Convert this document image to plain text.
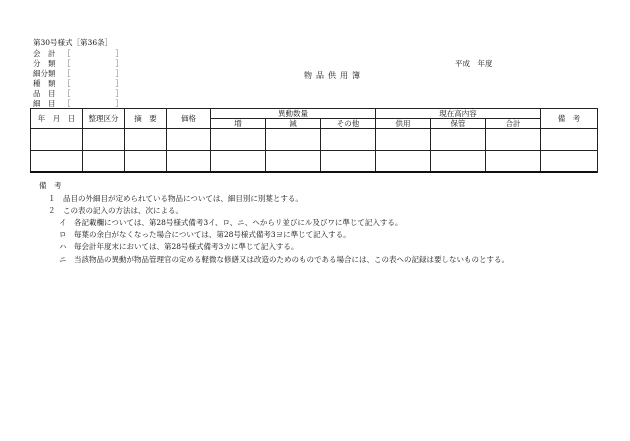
第30号様式［第36条］
会　計 ［　　　　　　］
分　類 ［　　　　　　］
細分類 ［　　　　　　］
種　類 ［　　　　　　］
品　目 ［　　　　　　］
細　目 ［　　　　　　］
平成　年度
物品供用簿
年　月　日	整理区分	摘　要	価格	異動数量			現在高内容			備　考
				増	減	その他	供用	保管	合計	

備　考
１　品目の外細目が定められている物品については、細目別に別葉とする。
２　この表の記入の方法は、次による。
イ　各記載欄については、第28号様式備考3イ、ロ、ニ、ヘからリ並びにル及びワに準じて記入する。
ロ　毎葉の余白がなくなった場合については、第28号様式備考3ヨに準じて記入する。
ハ　毎会計年度末においては、第28号様式備考3カに準じて記入する。
ニ　当該物品の異動が物品管理官の定める軽微な修繕又は改造のためのものである場合には、この表への記録は要しないものとする。
